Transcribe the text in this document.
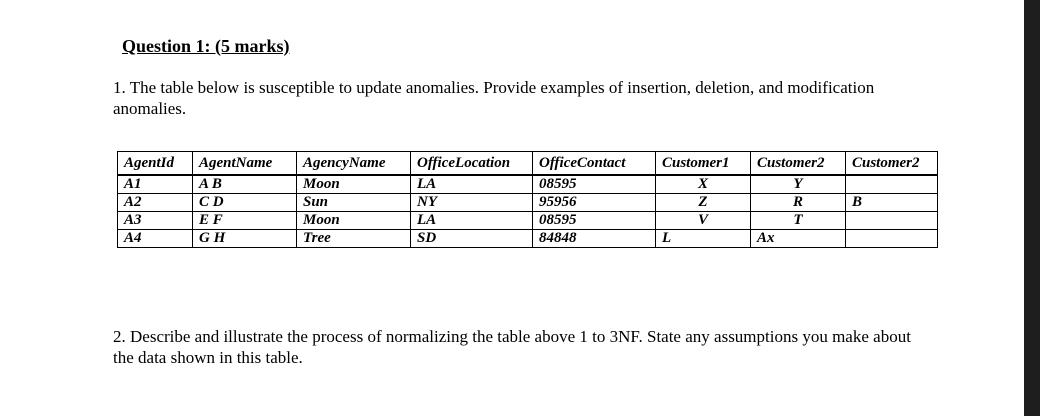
Question 1: (5 marks)
1. The table below is susceptible to update anomalies. Provide examples of insertion, deletion, and modification anomalies.
AgentId	AgentName	AgencyName	OfficeLocation	OfficeContact	Customer1	Customer2	Customer2
A1	A B	Moon	LA	08595	X	Y	
A2	C D	Sun	NY	95956	Z	R	B
A3	E F	Moon	LA	08595	V	T	
A4	G H	Tree	SD	84848	L	Ax	
2. Describe and illustrate the process of normalizing the table above 1 to 3NF. State any assumptions you make about the data shown in this table.
